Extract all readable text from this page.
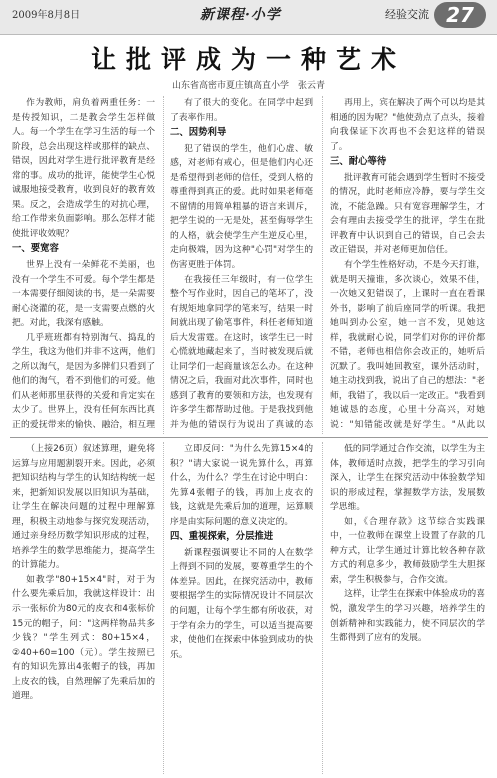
2009年8月8日	新课程·小学	经验交流 27
让批评成为一种艺术
山东省高密市夏庄镇高直小学　张云青

作为教师，肩负着两重任务：一是传授知识，二是教会学生怎样做人。每一个学生在学习生活的每一个阶段，总会出现这样或那样的缺点、错误，因此对学生进行批评教育是经常的事。成功的批评，能使学生心悦诚服地接受教育，收到良好的教育效果。反之，会造成学生的对抗心理，给工作带来负面影响。那么怎样才能使批评收效呢？

一、要宽容

世界上没有一朵鲜花不美丽，也没有一个学生不可爱。每个学生都是一本需要仔细阅读的书，是一朵需要耐心浇灌的花，是一支需要点燃的火把。对此，我深有感触。

几乎班班都有特别淘气、捣乱的学生，我这为他们并非不这两，他们之所以淘气，是因为多牌们只看到了他们的淘气，看不到他们的可爱。他们从老师那里获得的关爱和肯定实在太少了。世界上，没有任何东西比真正的爱抚带来的愉快、融洽，相互理

有了很大的变化。在同学中起到了表率作用。

二、因势利导

犯了错误的学生，他们心虚、敏感，对老师有戒心，但是他们内心还是希望得到老师的信任，受到人格的尊重得到真正的爱。此时如果老师毫不留情的用简单粗暴的语言来训斥，把学生说的一无是处，甚至侮辱学生的人格，就会使学生产生逆反心里，走向极端，因为这种"心罚"对学生的伤害更胜于体罚。

在我接任三年级时，有一位学生整个写作业时，因自己的笔坏了，没有规矩地拿同学的笔来写，结果一时间就出现了偷笔事件，科任老师知道后大发雷霆。在这时，该学生已一时心慌就地藏起来了，当时被发现后就让同学们一起商量该怎么办。在这种情况之后，我面对此次事件，同时也感到了教育的要领和方法，也发现有许多学生都帮助过他。于是我找到他并为他的错误行为说出了真诚的态

再用上，宾在解决了两个可以均是其相通的因为呢？"他使劲点了点头，接着向我保证下次再也不会犯这样的错误了。

三、耐心等待

批评教育可能会遇到学生暂时不接受的情况，此时老师应冷静，要与学生交流，不能急躁。只有宽容理解学生，才会有理由去接受学生的批评，学生在批评教育中认识到自己的错误，自己会去改正错误，并对老师更加信任。

有个学生性格好动，不是今天打谁，就是明天撞谁，多次谈心，效果不佳，一次她又犯错误了，上课时一直在看课外书，影响了前后座同学的听课。我把她叫到办公室，她一言不发，见她这样，我就耐心说，同学们对你的评价都不错，老师也相信你会改正的，她听后沉默了。我叫她回教室，课外活动时，她主动找到我，说出了自己的想法："老师，我错了，我以后一定改正。"我看到她诚恳的态度，心里十分高兴，对她说："知错能改就是好学生。"从此以

（上接26页）叙述算理，避免将运算与应用题割裂开来。因此，必须把知识结构与学生的认知结构统一起来，把新知识发展以旧知识为基础，让学生在解决问题的过程中理解算理，积极主动地参与探究发现活动，通过亲身经历数学知识形成的过程，培养学生的数学思维能力，提高学生的计算能力。

如教学"80+15×4"时，对于为什么要先乘后加，我就这样设计：出示一张标价为80元的皮衣和4张标价15元的帽子，问："这两样物品共多少钱？"学生列式：80+15×4，②40+60=100（元）。学生按照已有的知识先算出4张帽子的钱，再加上皮衣的钱，自然理解了先乘后加的道理。

立即反问："为什么先算15×4的积？"请大家说一说先算什么，再算什么，为什么？学生在讨论中明白：先算4张帽子的钱，再加上皮衣的钱，这就是先乘后加的道理，运算顺序是由实际问题的意义决定的。

四、重视探索，分层推进

新课程强调要让不同的人在数学上得到不同的发展，要尊重学生的个体差异。因此，在探究活动中，教师要根据学生的实际情况设计不同层次的问题，让每个学生都有所收获，对于学有余力的学生，可以适当提高要求，使他们在探索中体验到成功的快乐。

低的同学通过合作交流，以学生为主体，教师适时点拨，把学生的学习引向深入，让学生在探究活动中体验数学知识的形成过程，掌握数学方法，发展数学思维。

如，《合理存款》这节综合实践课中，一位教师在课堂上设置了存款的几种方式，让学生通过计算比较各种存款方式的利息多少，教师鼓励学生大胆探索，学生积极参与，合作交流。

这样，让学生在探索中体验成功的喜悦，激发学生的学习兴趣，培养学生的创新精神和实践能力，使不同层次的学生都得到了应有的发展。
